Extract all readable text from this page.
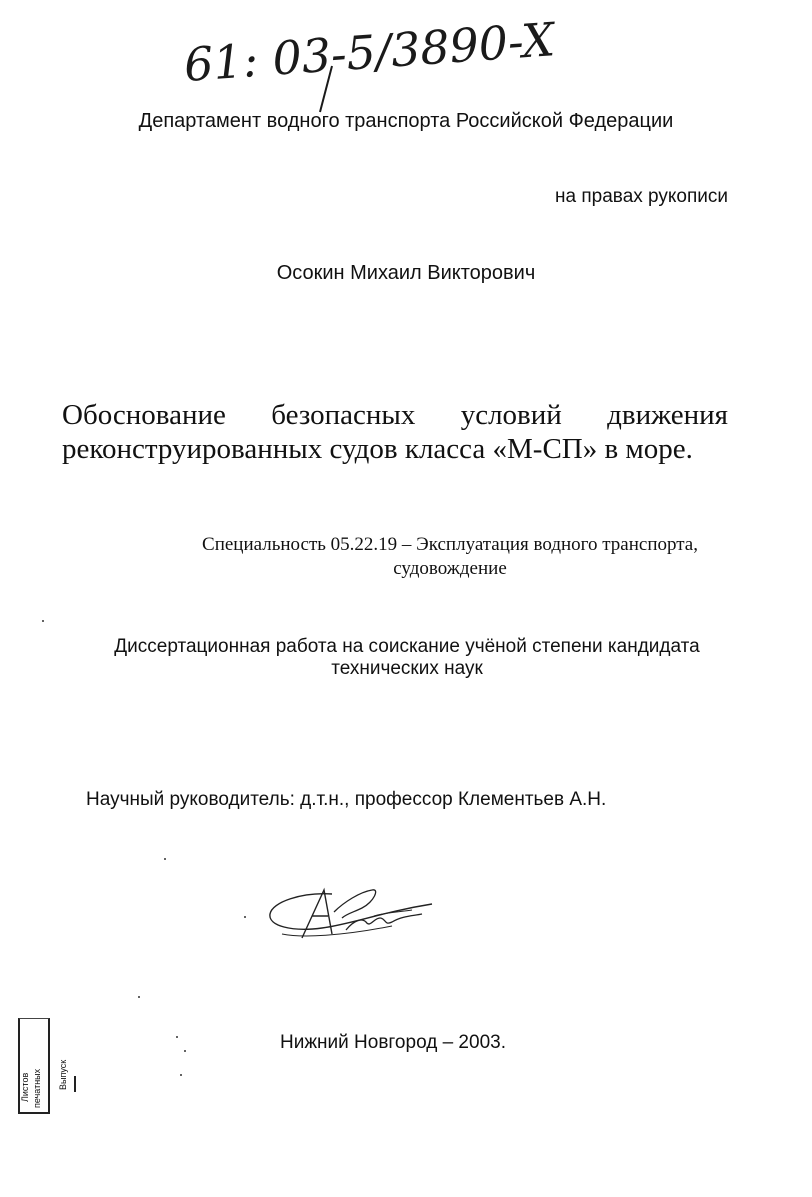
61: 03-5/3890-X
Департамент водного транспорта Российской Федерации
на правах рукописи
Осокин Михаил Викторович
Обоснование безопасных условий движения
реконструированных судов класса «М-СП» в море.
Специальность 05.22.19 – Эксплуатация водного транспорта,
судовождение
Диссертационная работа на соискание учёной степени кандидата
технических наук
Научный руководитель: д.т.н., профессор Клементьев А.Н.
Нижний Новгород – 2003.
Листов печатных Выпуск
